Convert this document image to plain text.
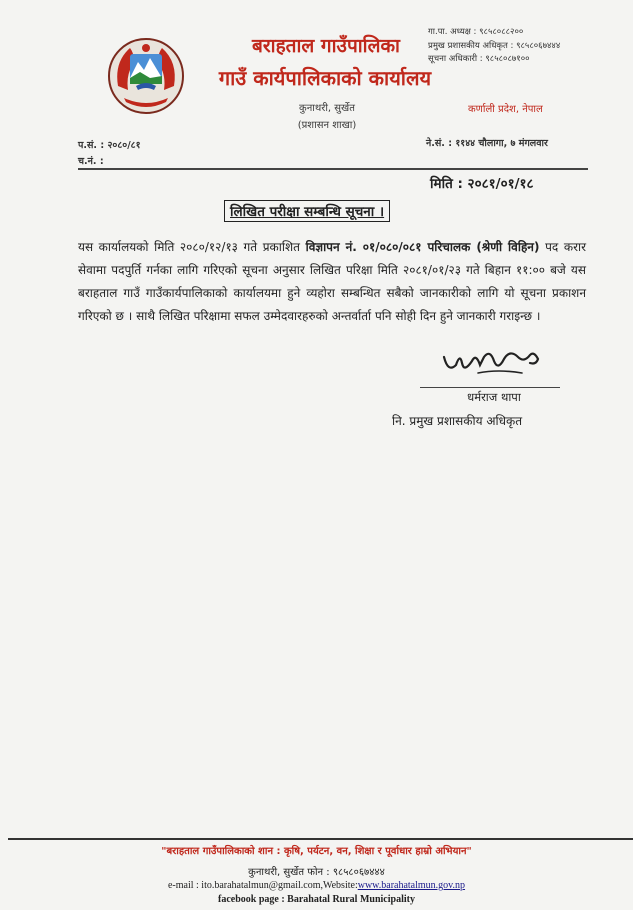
बराहताल गाउँपालिका
गाउँ कार्यपालिकाको कार्यालय
कुनाथरी, सुर्खेत
(प्रशासन शाखा)
गा.पा. अध्यक्ष : ९८५८०८८२००
प्रमुख प्रशासकीय अधिकृत : ९८५८०६७४४४
सूचना अधिकारी : ९८५८०८७१००
कर्णाली प्रदेश, नेपाल
प.सं. : २०८०/८१
च.नं. :
ने.सं. : ११४४ चौलागा, ७ मंगलवार
मिति : २०८१/०१/१८
लिखित परीक्षा सम्बन्धि सूचना ।
यस कार्यालयको मिति २०८०/१२/१३ गते प्रकाशित विज्ञापन नं. ०१/०८०/०८१ परिचालक (श्रेणी विहिन) पद करार सेवामा पदपुर्ति गर्नका लागि गरिएको सूचना अनुसार लिखित परिक्षा मिति २०८१/०१/२३ गते बिहान ११:०० बजे यस बराहताल गाउँ गाउँकार्यपालिकाको कार्यालयमा हुने व्यहोरा सम्बन्धित सबैको जानकारीको लागि यो सूचना प्रकाशन गरिएको छ । साथै लिखित परिक्षामा सफल उम्मेदवारहरुको अन्तर्वार्ता पनि सोही दिन हुने जानकारी गराइन्छ ।
धर्मराज थापा
नि. प्रमुख प्रशासकीय अधिकृत
"बराहताल गाउँपालिकाको शान : कृषि, पर्यटन, वन, शिक्षा र पूर्वाधार हाम्रो अभियान"
कुनाथरी, सुर्खेत फोन : ९८५८०६७४४४
e-mail : ito.barahatalmun@gmail.com,Website:www.barahatalmun.gov.np
facebook page : Barahatal Rural Municipality
